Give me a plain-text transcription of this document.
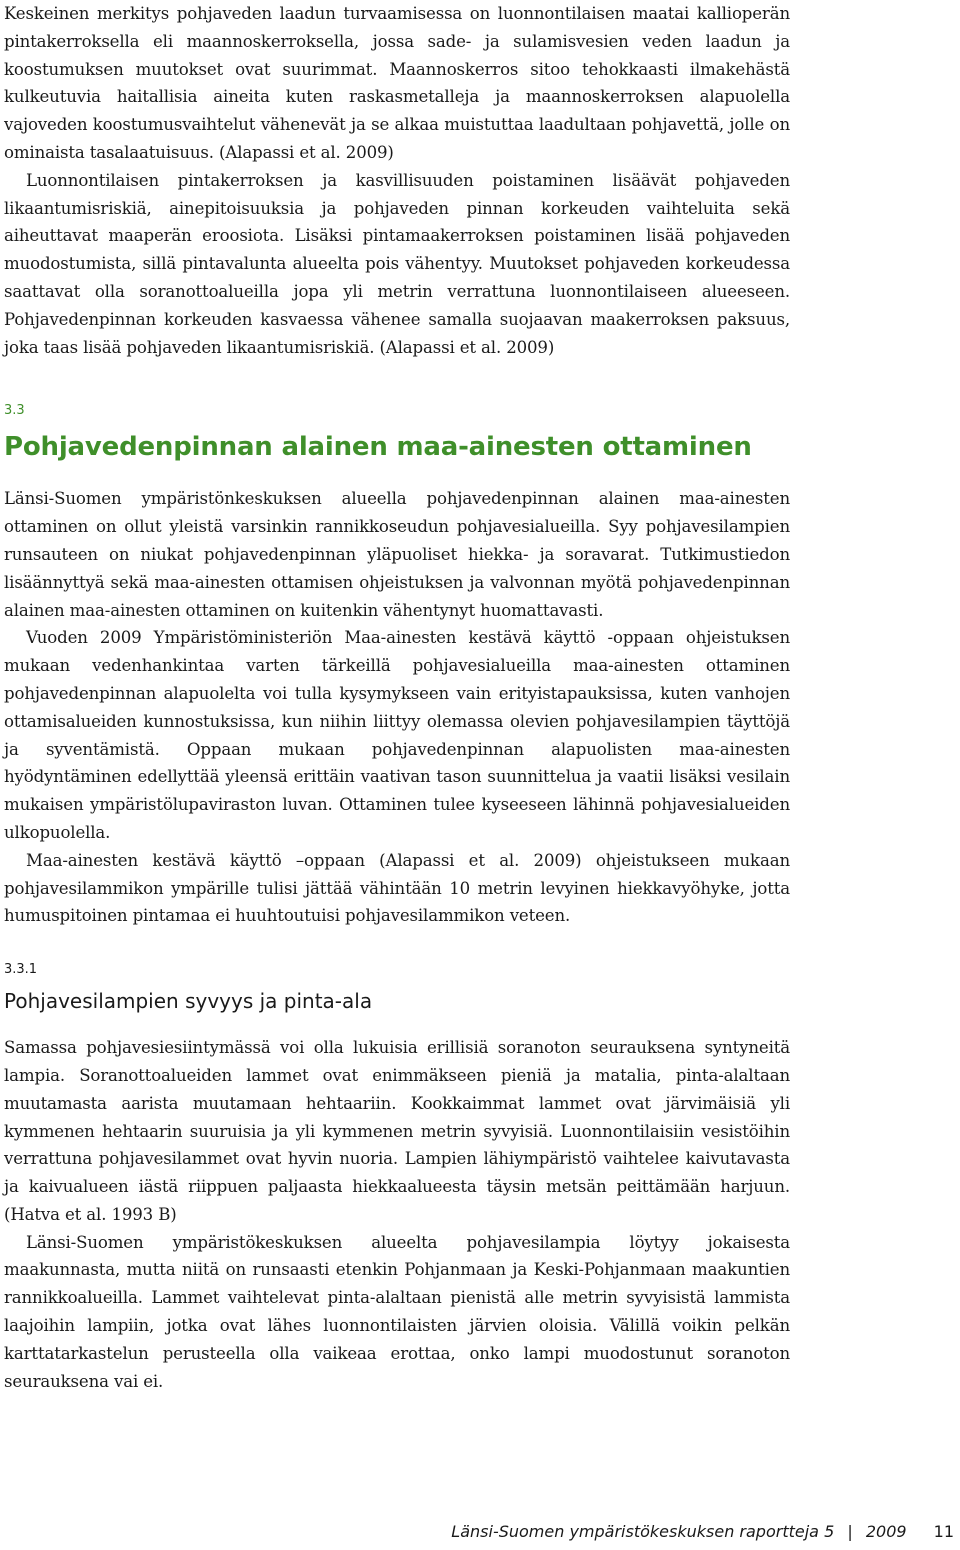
Keskeinen merkitys pohjaveden laadun turvaamisessa on luonnontilaisen maatai kallioperän pintakerroksella eli maannoskerroksella, jossa sade- ja sulamisvesien veden laadun ja koostumuksen muutokset ovat suurimmat. Maannoskerros sitoo tehokkaasti ilmakehästä kulkeutuvia haitallisia aineita kuten raskasmetalleja ja maannoskerroksen alapuolella vajoveden koostumusvaihtelut vähenevät ja se alkaa muistuttaa laadultaan pohjavettä, jolle on ominaista tasalaatuisuus. (Alapassi et al. 2009)

Luonnontilaisen pintakerroksen ja kasvillisuuden poistaminen lisäävät pohjaveden likaantumisriskiä, ainepitoisuuksia ja pohjaveden pinnan korkeuden vaihteluita sekä aiheuttavat maaperän eroosiota. Lisäksi pintamaakerroksen poistaminen lisää pohjaveden muodostumista, sillä pintavalunta alueelta pois vähentyy. Muutokset pohjaveden korkeudessa saattavat olla soranottoalueilla jopa yli metrin verrattuna luonnontilaiseen alueeseen. Pohjavedenpinnan korkeuden kasvaessa vähenee samalla suojaavan maakerroksen paksuus, joka taas lisää pohjaveden likaantumisriskiä. (Alapassi et al. 2009)

3.3
Pohjavedenpinnan alainen maa-ainesten ottaminen

Länsi-Suomen ympäristönkeskuksen alueella pohjavedenpinnan alainen maa-ainesten ottaminen on ollut yleistä varsinkin rannikkoseudun pohjavesialueilla. Syy pohjavesilampien runsauteen on niukat pohjavedenpinnan yläpuoliset hiekka- ja soravarat. Tutkimustiedon lisäännyttyä sekä maa-ainesten ottamisen ohjeistuksen ja valvonnan myötä pohjavedenpinnan alainen maa-ainesten ottaminen on kuitenkin vähentynyt huomattavasti.

Vuoden 2009 Ympäristöministeriön Maa-ainesten kestävä käyttö -oppaan ohjeistuksen mukaan vedenhankintaa varten tärkeillä pohjavesialueilla maa-ainesten ottaminen pohjavedenpinnan alapuolelta voi tulla kysymykseen vain erityistapauksissa, kuten vanhojen ottamisalueiden kunnostuksissa, kun niihin liittyy olemassa olevien pohjavesilampien täyttöjä ja syventämistä. Oppaan mukaan pohjavedenpinnan alapuolisten maa-ainesten hyödyntäminen edellyttää yleensä erittäin vaativan tason suunnittelua ja vaatii lisäksi vesilain mukaisen ympäristölupaviraston luvan. Ottaminen tulee kyseeseen lähinnä pohjavesialueiden ulkopuolella.

Maa-ainesten kestävä käyttö –oppaan (Alapassi et al. 2009) ohjeistukseen mukaan pohjavesilammikon ympärille tulisi jättää vähintään 10 metrin levyinen hiekkavyöhyke, jotta humuspitoinen pintamaa ei huuhtoutuisi pohjavesilammikon veteen.

3.3.1
Pohjavesilampien syvyys ja pinta-ala

Samassa pohjavesiesiintymässä voi olla lukuisia erillisiä soranoton seurauksena syntyneitä lampia. Soranottoalueiden lammet ovat enimmäkseen pieniä ja matalia, pinta-alaltaan muutamasta aarista muutamaan hehtaariin. Kookkaimmat lammet ovat järvimäisiä yli kymmenen hehtaarin suuruisia ja yli kymmenen metrin syvyisiä. Luonnontilaisiin vesistöihin verrattuna pohjavesilammet ovat hyvin nuoria. Lampien lähiympäristö vaihtelee kaivutavasta ja kaivualueen iästä riippuen paljaasta hiekkaalueesta täysin metsän peittämään harjuun. (Hatva et al. 1993 B)

Länsi-Suomen ympäristökeskuksen alueelta pohjavesilampia löytyy jokaisesta maakunnasta, mutta niitä on runsaasti etenkin Pohjanmaan ja Keski-Pohjanmaan maakuntien rannikkoalueilla. Lammet vaihtelevat pinta-alaltaan pienistä alle metrin syvyisistä lammista laajoihin lampiin, jotka ovat lähes luonnontilaisten järvien oloisia. Välillä voikin pelkän karttatarkastelun perusteella olla vaikeaa erottaa, onko lampi muodostunut soranoton seurauksena vai ei.

Länsi-Suomen ympäristökeskuksen raportteja 5 | 2009 11
